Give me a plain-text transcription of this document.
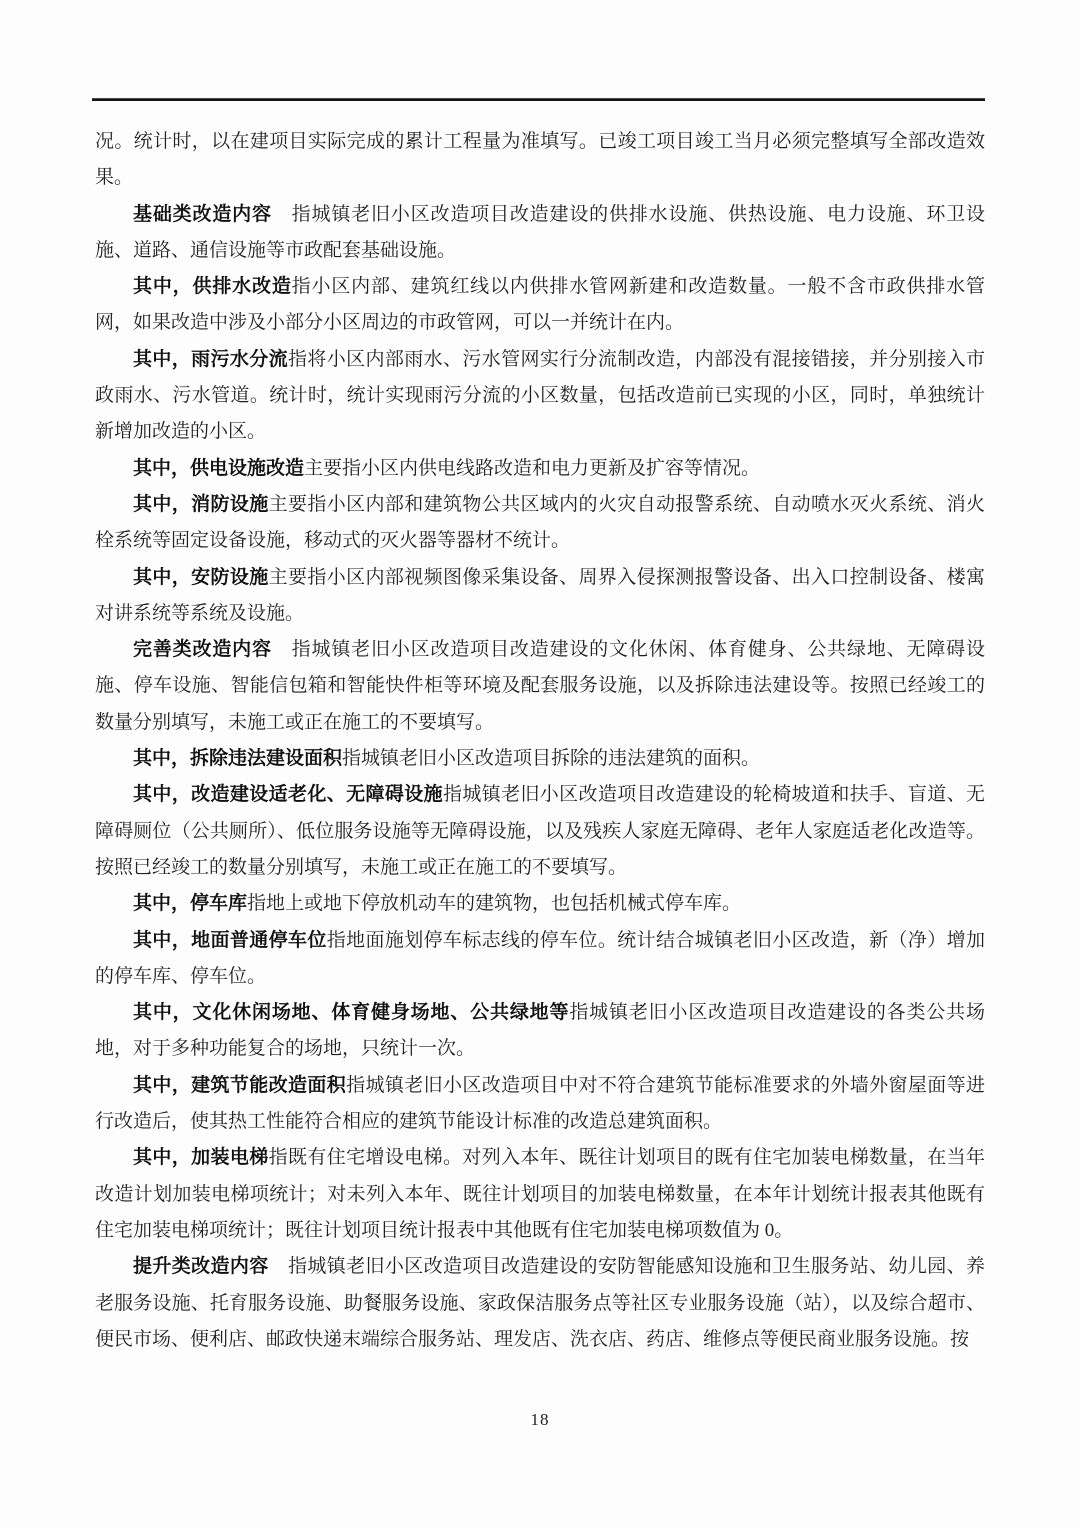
况。统计时，以在建项目实际完成的累计工程量为准填写。已竣工项目竣工当月必须完整填写全部改造效果。

基础类改造内容　指城镇老旧小区改造项目改造建设的供排水设施、供热设施、电力设施、环卫设施、道路、通信设施等市政配套基础设施。

其中，供排水改造指小区内部、建筑红线以内供排水管网新建和改造数量。一般不含市政供排水管网，如果改造中涉及小部分小区周边的市政管网，可以一并统计在内。

其中，雨污水分流指将小区内部雨水、污水管网实行分流制改造，内部没有混接错接，并分别接入市政雨水、污水管道。统计时，统计实现雨污分流的小区数量，包括改造前已实现的小区，同时，单独统计新增加改造的小区。

其中，供电设施改造主要指小区内供电线路改造和电力更新及扩容等情况。

其中，消防设施主要指小区内部和建筑物公共区域内的火灾自动报警系统、自动喷水灭火系统、消火栓系统等固定设备设施，移动式的灭火器等器材不统计。

其中，安防设施主要指小区内部视频图像采集设备、周界入侵探测报警设备、出入口控制设备、楼寓对讲系统等系统及设施。

完善类改造内容　指城镇老旧小区改造项目改造建设的文化休闲、体育健身、公共绿地、无障碍设施、停车设施、智能信包箱和智能快件柜等环境及配套服务设施，以及拆除违法建设等。按照已经竣工的数量分别填写，未施工或正在施工的不要填写。

其中，拆除违法建设面积指城镇老旧小区改造项目拆除的违法建筑的面积。

其中，改造建设适老化、无障碍设施指城镇老旧小区改造项目改造建设的轮椅坡道和扶手、盲道、无障碍厕位（公共厕所）、低位服务设施等无障碍设施，以及残疾人家庭无障碍、老年人家庭适老化改造等。按照已经竣工的数量分别填写，未施工或正在施工的不要填写。

其中，停车库指地上或地下停放机动车的建筑物，也包括机械式停车库。

其中，地面普通停车位指地面施划停车标志线的停车位。统计结合城镇老旧小区改造，新（净）增加的停车库、停车位。

其中，文化休闲场地、体育健身场地、公共绿地等指城镇老旧小区改造项目改造建设的各类公共场地，对于多种功能复合的场地，只统计一次。

其中，建筑节能改造面积指城镇老旧小区改造项目中对不符合建筑节能标准要求的外墙外窗屋面等进行改造后，使其热工性能符合相应的建筑节能设计标准的改造总建筑面积。

其中，加装电梯指既有住宅增设电梯。对列入本年、既往计划项目的既有住宅加装电梯数量，在当年改造计划加装电梯项统计；对未列入本年、既往计划项目的加装电梯数量，在本年计划统计报表其他既有住宅加装电梯项统计；既往计划项目统计报表中其他既有住宅加装电梯项数值为 0。

提升类改造内容　指城镇老旧小区改造项目改造建设的安防智能感知设施和卫生服务站、幼儿园、养老服务设施、托育服务设施、助餐服务设施、家政保洁服务点等社区专业服务设施（站），以及综合超市、便民市场、便利店、邮政快递末端综合服务站、理发店、洗衣店、药店、维修点等便民商业服务设施。按

18
